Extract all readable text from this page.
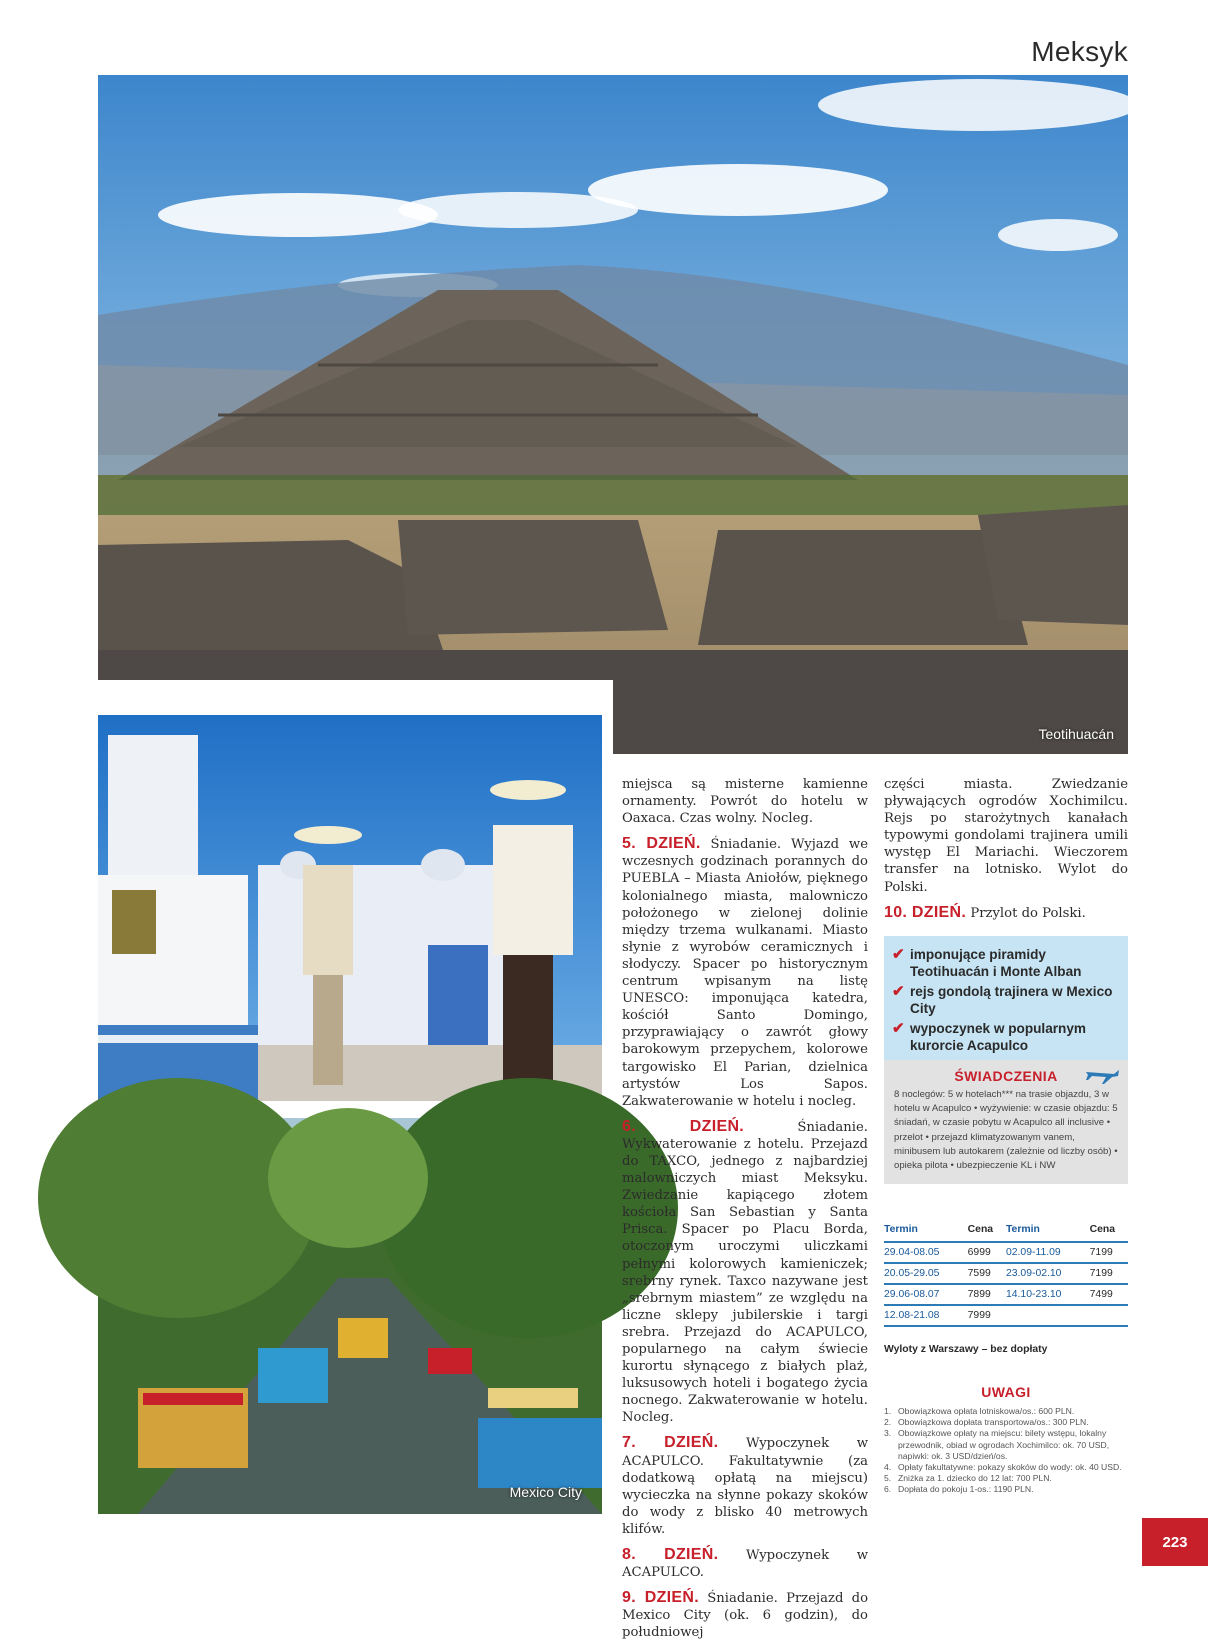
Meksyk
Teotihuacán
Mexico City

miejsca są misterne kamienne ornamenty. Powrót do hotelu w Oaxaca. Czas wolny. Nocleg.

5. DZIEŃ. Śniadanie. Wyjazd we wczesnych godzinach porannych do PUEBLA – Miasta Aniołów, pięknego kolonialnego miasta, malowniczo położonego w zielonej dolinie między trzema wulkanami. Miasto słynie z wyrobów ceramicznych i słodyczy. Spacer po historycznym centrum wpisanym na listę UNESCO: imponująca katedra, kościół Santo Domingo, przyprawiający o zawrót głowy barokowym przepychem, kolorowe targowisko El Parian, dzielnica artystów Los Sapos. Zakwaterowanie w hotelu i nocleg.

6. DZIEŃ.	Śniadanie. Wykwaterowanie z hotelu. Przejazd do TAXCO, jednego z najbardziej malowniczych miast Meksyku. Zwiedzanie kapiącego złotem kościoła San Sebastian y Santa Prisca. Spacer po Placu Borda, otoczonym uroczymi uliczkami pełnymi kolorowych kamieniczek; srebrny rynek. Taxco nazywane jest „srebrnym miastem” ze względu na liczne sklepy jubilerskie i targi srebra. Przejazd do ACAPULCO, popularnego na całym świecie kurortu słynącego z białych plaż, luksusowych hoteli i bogatego życia nocnego. Zakwaterowanie w hotelu. Nocleg.

7. DZIEŃ. Wypoczynek w ACAPULCO. Fakultatywnie (za dodatkową opłatą na miejscu) wycieczka na słynne pokazy skoków do wody z blisko 40 metrowych klifów.

8. DZIEŃ. Wypoczynek w ACAPULCO.

9. DZIEŃ. Śniadanie. Przejazd do Mexico City (ok. 6 godzin), do południowej

części miasta. Zwiedzanie pływających ogrodów Xochimilcu. Rejs po starożytnych kanałach typowymi gondolami trajinera umili występ El Mariachi. Wieczorem transfer na lotnisko. Wylot do Polski.

10. DZIEŃ. Przylot do Polski.

✔ imponujące piramidy Teotihuacán i Monte Alban
✔ rejs gondolą trajinera w Mexico City
✔ wypoczynek w popularnym kurorcie Acapulco
ŚWIADCZENIA
8 noclegów: 5 w hotelach*** na trasie objazdu, 3 w hotelu w Acapulco • wyżywienie: w czasie objazdu: 5 śniadań, w czasie pobytu w Acapulco all inclusive • przelot • przejazd klimatyzowanym vanem, minibusem lub autokarem (zależnie od liczby osób) • opieka pilota • ubezpieczenie KL i NW
Termin	Cena	Termin	Cena
29.04-08.05	6999	02.09-11.09	7199
20.05-29.05	7599	23.09-02.10	7199
29.06-08.07	7899	14.10-23.10	7499
12.08-21.08	7999		
Wyloty z Warszawy – bez dopłaty
UWAGI
1. Obowiązkowa opłata lotniskowa/os.: 600 PLN.
2. Obowiązkowa dopłata transportowa/os.: 300 PLN.
3. Obowiązkowe opłaty na miejscu: bilety wstępu, lokalny przewodnik, obiad w ogrodach Xochimilco: ok. 70 USD, napiwki: ok. 3 USD/dzień/os.
4. Opłaty fakultatywne: pokazy skoków do wody: ok. 40 USD.
5. Zniżka za 1. dziecko do 12 lat: 700 PLN.
6. Dopłata do pokoju 1-os.: 1190 PLN.
223
